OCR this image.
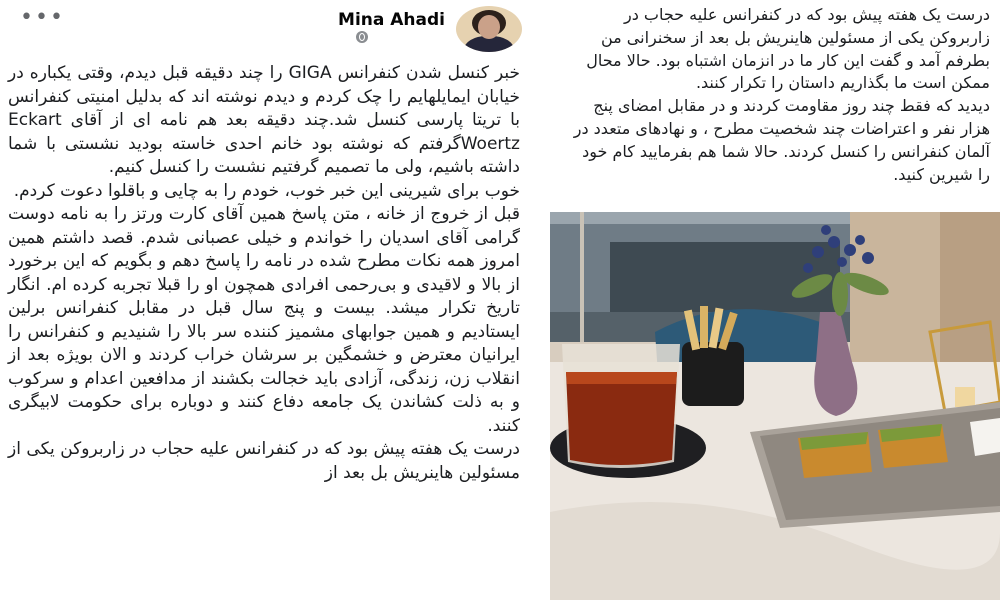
•••	Mina Ahadi

خبر کنسل شدن کنفرانس GIGA را چند دقیقه قبل دیدم، وقتی یکباره در خیابان ایمایلهایم را چک کردم و دیدم نوشته اند که بدلیل امنیتی کنفرانس با تریتا پارسی کنسل شد.چند دقیقه بعد هم نامه ای از آقای Eckart Woertzگرفتم که نوشته بود خانم احدی خاسته بودید نشستی با شما داشته باشیم، ولی ما تصمیم گرفتیم نشست را کنسل کنیم.

خوب برای شیرینی این خبر خوب، خودم را به چایی و باقلوا دعوت کردم.

قبل از خروج از خانه ، متن پاسخ همین آقای کارت ورتز را به نامه دوست گرامی آقای اسدیان را خواندم و خیلی عصبانی شدم. قصد داشتم همین امروز همه نکات مطرح شده در نامه را پاسخ دهم و بگویم که این برخورد از بالا و لاقیدی و بی‌رحمی افرادی همچون او را قبلا تجربه کرده ام. انگار تاریخ تکرار میشد. بیست و پنج سال قبل در مقابل کنفرانس برلین ایستادیم و همین جوابهای مشمیز کننده سر بالا را شنیدیم و کنفرانس را ایرانیان معترض و خشمگین بر سرشان خراب کردند و الان بویژه بعد از انقلاب زن، زندگی، آزادی باید خجالت بکشند از مدافعین اعدام و سرکوب و به ذلت کشاندن یک جامعه دفاع کنند و دوباره برای حکومت لابیگری کنند.

درست یک هفته پیش بود که در کنفرانس علیه حجاب در زاربروکن یکی از مسئولین هاینریش بل بعد از

درست یک هفته پیش بود که در کنفرانس علیه حجاب در زاربروکن یکی از مسئولین هاینریش بل بعد از سخنرانی من بطرفم آمد و گفت این کار ما در انزمان اشتباه بود. حالا محال ممکن است ما بگذاریم داستان را تکرار کنند.

دیدید که فقط چند روز مقاومت کردند و در مقابل امضای پنج هزار نفر و اعتراضات چند شخصیت مطرح ، و نهادهای متعدد در آلمان کنفرانس را کنسل کردند. حالا شما هم بفرمایید کام خود را شیرین کنید.
